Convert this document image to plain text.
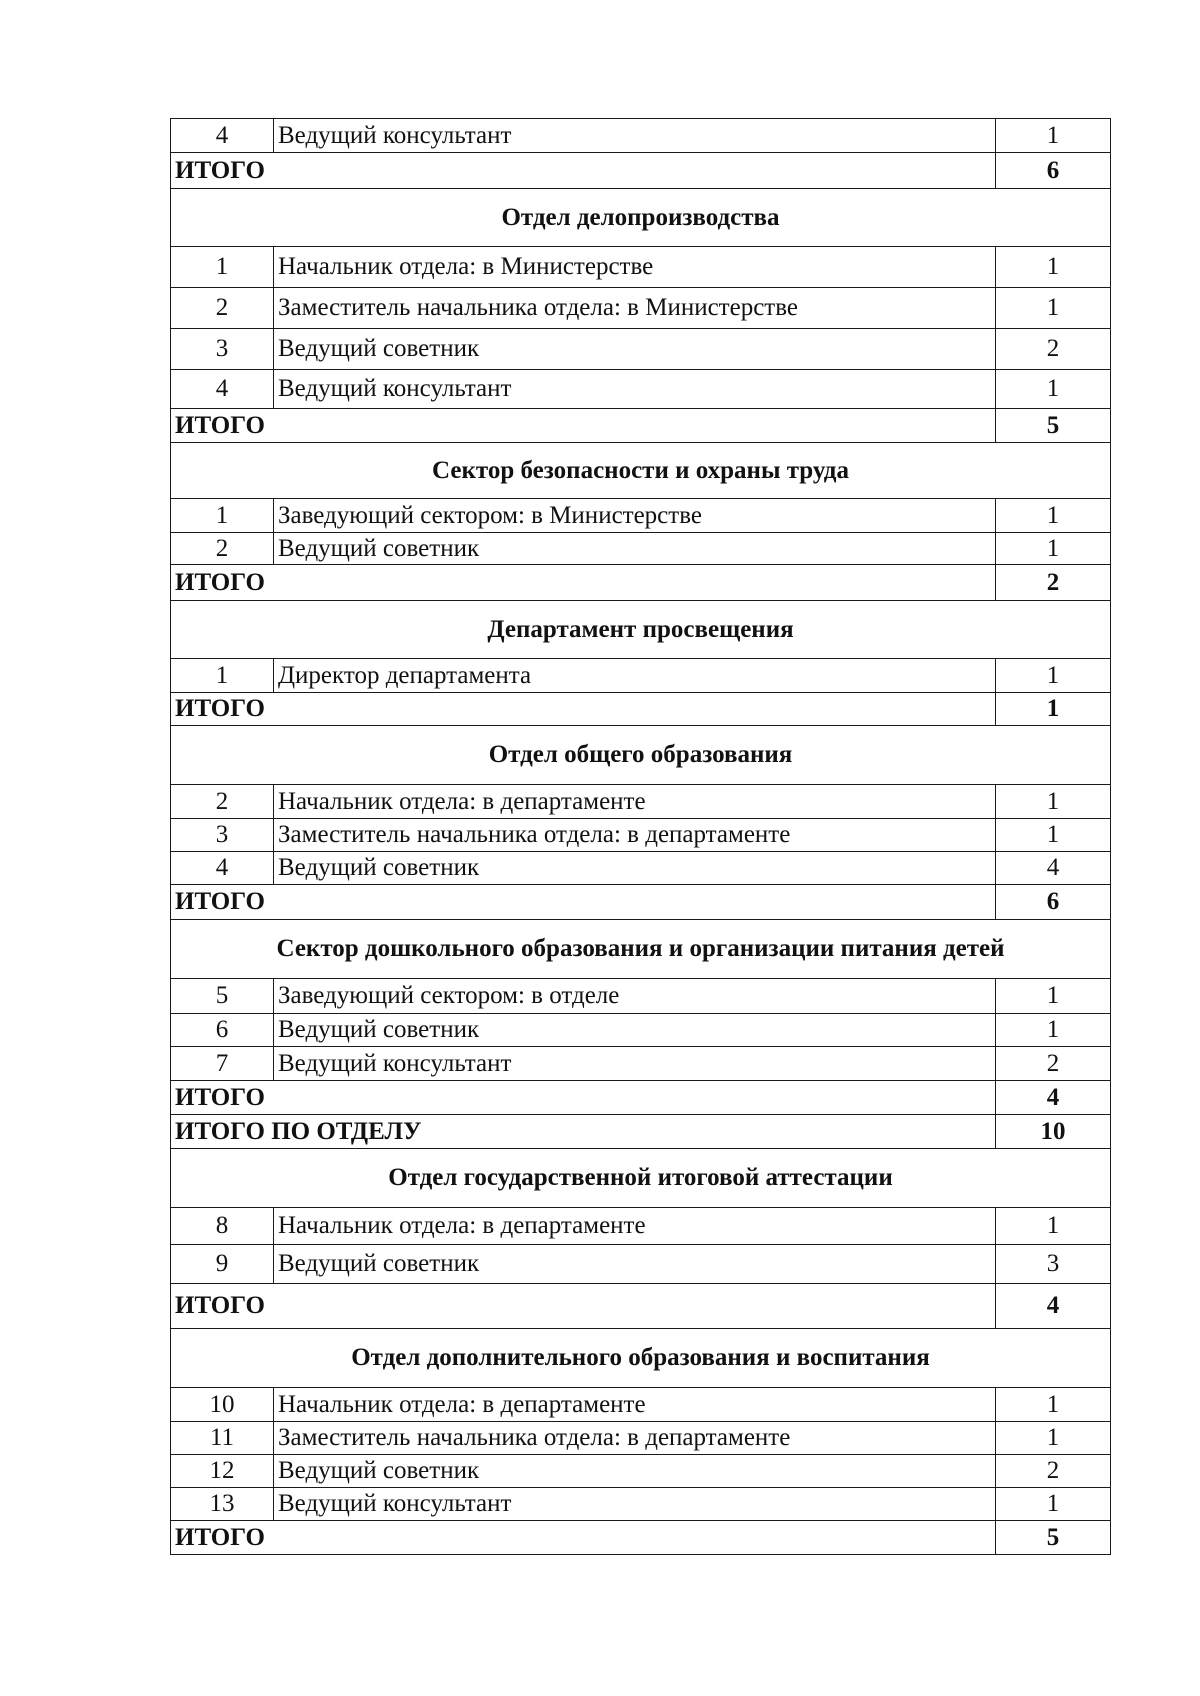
4	Ведущий консультант	1
ИТОГО		6
Отдел делопроизводства		
1	Начальник отдела: в Министерстве	1
2	Заместитель начальника отдела: в Министерстве	1
3	Ведущий советник	2
4	Ведущий консультант	1
ИТОГО		5
Сектор безопасности и охраны труда		
1	Заведующий сектором: в Министерстве	1
2	Ведущий советник	1
ИТОГО		2
Департамент просвещения		
1	Директор департамента	1
ИТОГО		1
Отдел общего образования		
2	Начальник отдела: в департаменте	1
3	Заместитель начальника отдела: в департаменте	1
4	Ведущий советник	4
ИТОГО		6
Сектор дошкольного образования и организации питания детей		
5	Заведующий сектором: в отделе	1
6	Ведущий советник	1
7	Ведущий консультант	2
ИТОГО		4
ИТОГО ПО ОТДЕЛУ		10
Отдел государственной итоговой аттестации		
8	Начальник отдела: в департаменте	1
9	Ведущий советник	3
ИТОГО		4
Отдел дополнительного образования и воспитания		
10	Начальник отдела: в департаменте	1
11	Заместитель начальника отдела: в департаменте	1
12	Ведущий советник	2
13	Ведущий консультант	1
ИТОГО		5
